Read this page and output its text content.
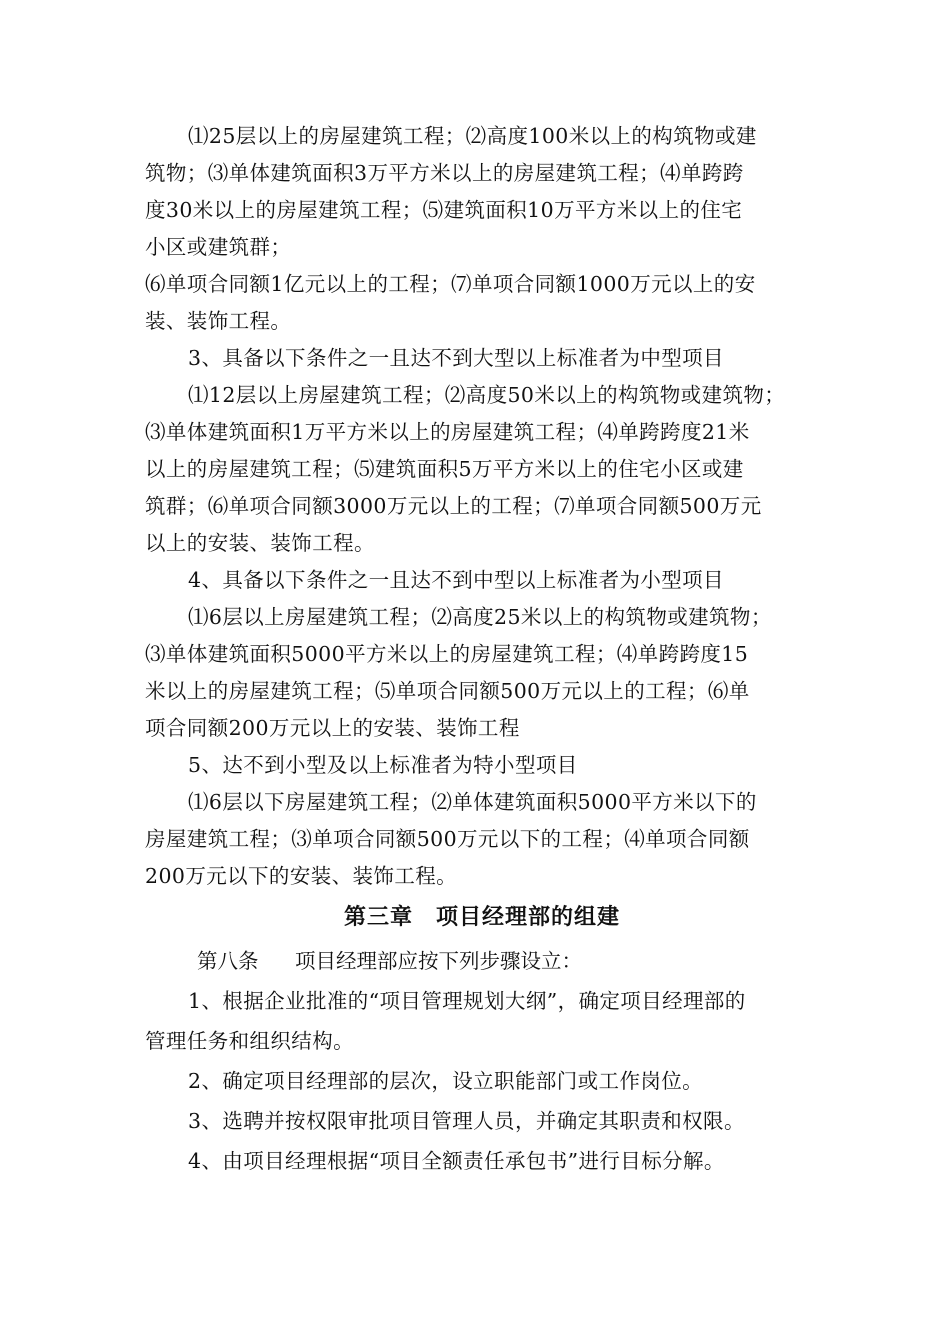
⑴25层以上的房屋建筑工程；⑵高度100米以上的构筑物或建
筑物；⑶单体建筑面积3万平方米以上的房屋建筑工程；⑷单跨跨
度30米以上的房屋建筑工程；⑸建筑面积10万平方米以上的住宅
小区或建筑群；
⑹单项合同额1亿元以上的工程；⑺单项合同额1000万元以上的安
装、装饰工程。
3、具备以下条件之一且达不到大型以上标准者为中型项目
⑴12层以上房屋建筑工程；⑵高度50米以上的构筑物或建筑物；
⑶单体建筑面积1万平方米以上的房屋建筑工程；⑷单跨跨度21米
以上的房屋建筑工程；⑸建筑面积5万平方米以上的住宅小区或建
筑群；⑹单项合同额3000万元以上的工程；⑺单项合同额500万元
以上的安装、装饰工程。
4、具备以下条件之一且达不到中型以上标准者为小型项目
⑴6层以上房屋建筑工程；⑵高度25米以上的构筑物或建筑物；
⑶单体建筑面积5000平方米以上的房屋建筑工程；⑷单跨跨度15
米以上的房屋建筑工程；⑸单项合同额500万元以上的工程；⑹单
项合同额200万元以上的安装、装饰工程
5、达不到小型及以上标准者为特小型项目
⑴6层以下房屋建筑工程；⑵单体建筑面积5000平方米以下的
房屋建筑工程；⑶单项合同额500万元以下的工程；⑷单项合同额
200万元以下的安装、装饰工程。
第三章　项目经理部的组建
第八条 项目经理部应按下列步骤设立：
1、根据企业批准的“项目管理规划大纲”，确定项目经理部的
管理任务和组织结构。
2、确定项目经理部的层次，设立职能部门或工作岗位。
3、选聘并按权限审批项目管理人员，并确定其职责和权限。
4、由项目经理根据“项目全额责任承包书”进行目标分解。
